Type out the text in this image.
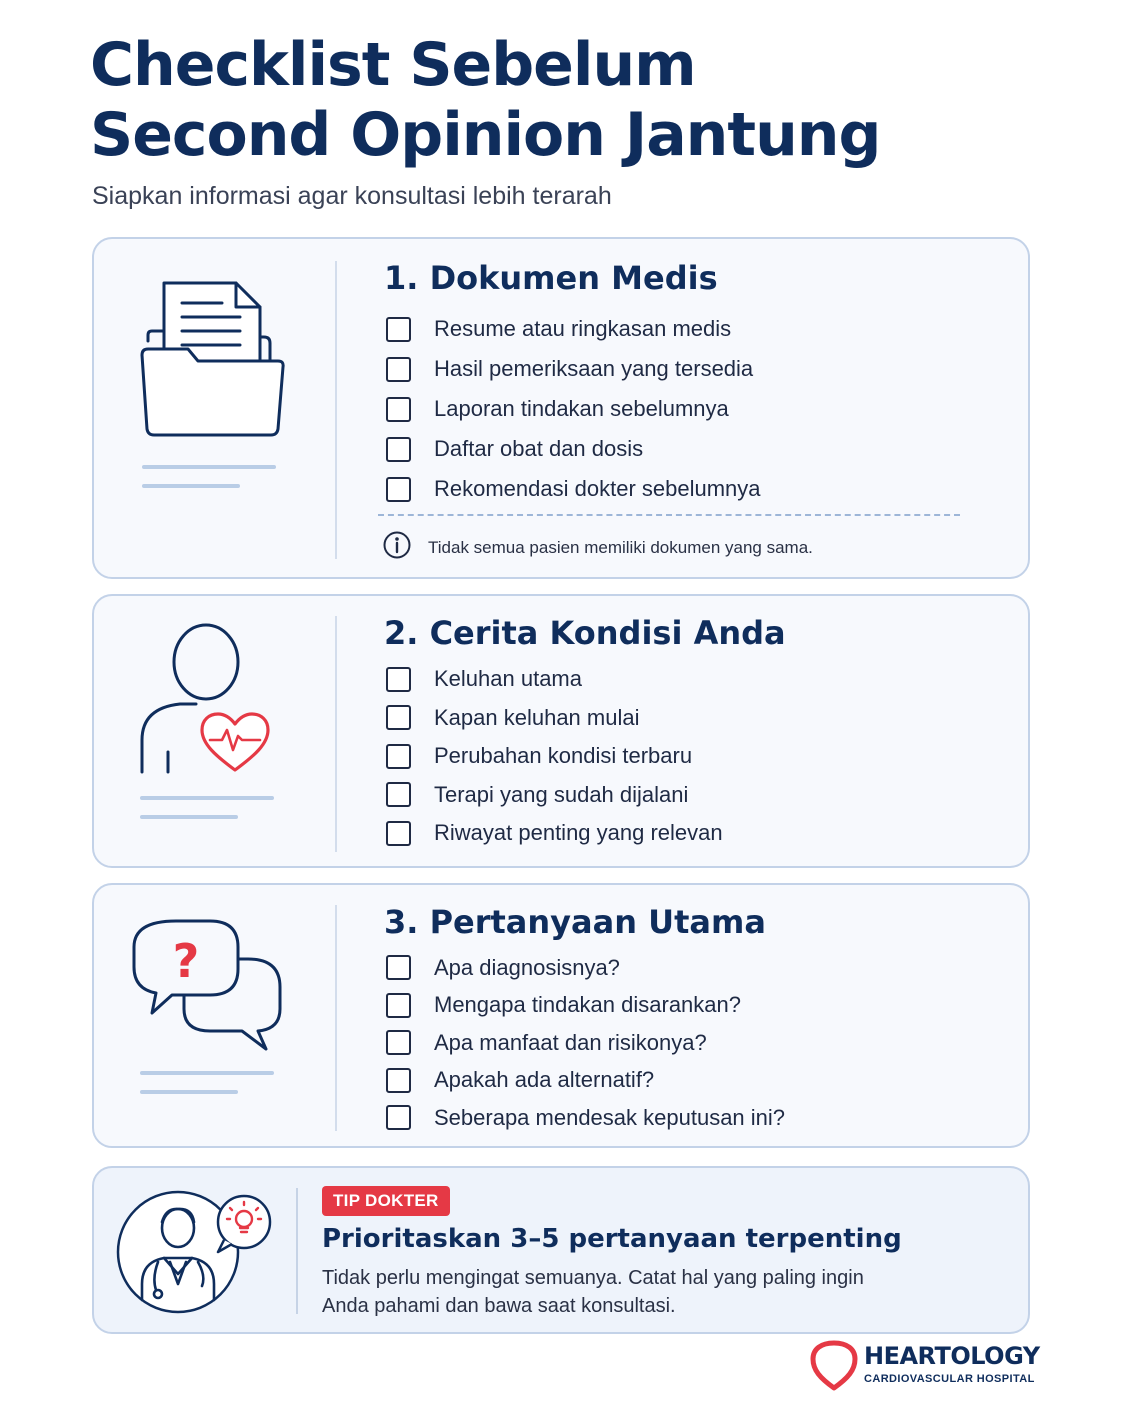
Checklist Sebelum
Second Opinion Jantung
Siapkan informasi agar konsultasi lebih terarah
1. Dokumen Medis
Resume atau ringkasan medis
Hasil pemeriksaan yang tersedia
Laporan tindakan sebelumnya
Daftar obat dan dosis
Rekomendasi dokter sebelumnya
Tidak semua pasien memiliki dokumen yang sama.
2. Cerita Kondisi Anda
Keluhan utama
Kapan keluhan mulai
Perubahan kondisi terbaru
Terapi yang sudah dijalani
Riwayat penting yang relevan
?
3. Pertanyaan Utama
Apa diagnosisnya?
Mengapa tindakan disarankan?
Apa manfaat dan risikonya?
Apakah ada alternatif?
Seberapa mendesak keputusan ini?
TIP DOKTER
Prioritaskan 3–5 pertanyaan terpenting

Tidak perlu mengingat semuanya. Catat hal yang paling ingin Anda pahami dan bawa saat konsultasi.

HEARTOLOGY
CARDIOVASCULAR HOSPITAL
